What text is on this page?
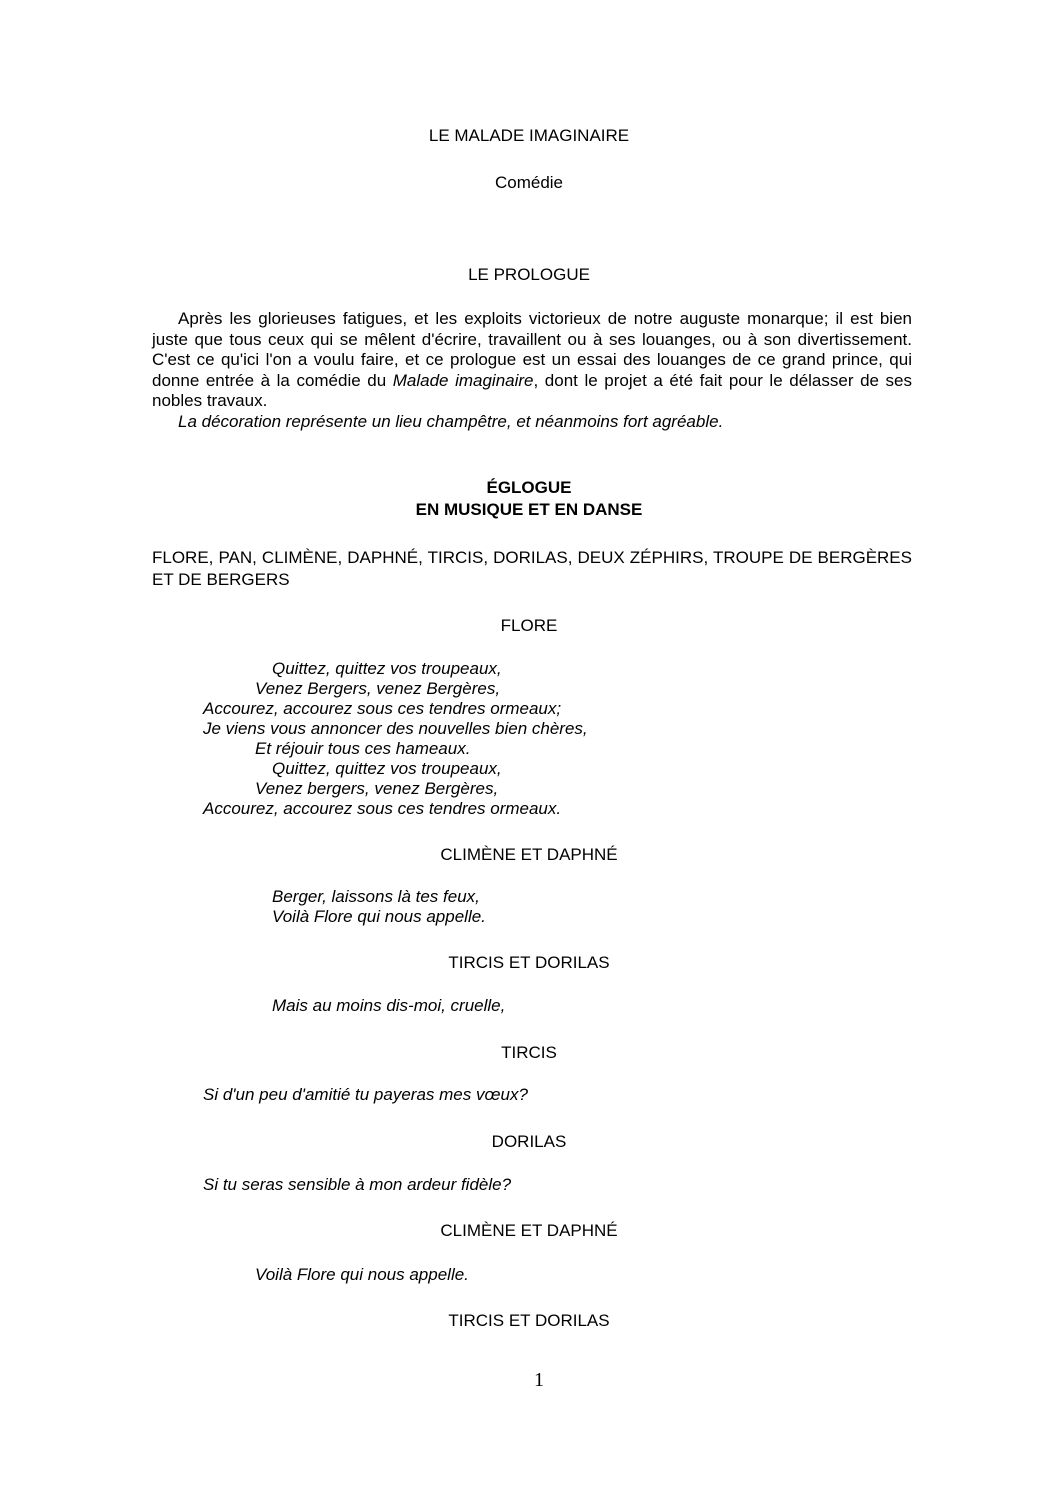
LE MALADE IMAGINAIRE
Comédie
LE PROLOGUE

Après les glorieuses fatigues, et les exploits victorieux de notre auguste monarque; il est bien juste que tous ceux qui se mêlent d'écrire, travaillent ou à ses louanges, ou à son divertissement. C'est ce qu'ici l'on a voulu faire, et ce prologue est un essai des louanges de ce grand prince, qui donne entrée à la comédie du Malade imaginaire, dont le projet a été fait pour le délasser de ses nobles travaux.

La décoration représente un lieu champêtre, et néanmoins fort agréable.

ÉGLOGUE
EN MUSIQUE ET EN DANSE
FLORE, PAN, CLIMÈNE, DAPHNÉ, TIRCIS, DORILAS, DEUX ZÉPHIRS, TROUPE DE BERGÈRES ET DE BERGERS
FLORE
Quittez, quittez vos troupeaux,
Venez Bergers, venez Bergères,
Accourez, accourez sous ces tendres ormeaux;
Je viens vous annoncer des nouvelles bien chères,
Et réjouir tous ces hameaux.
Quittez, quittez vos troupeaux,
Venez bergers, venez Bergères,
Accourez, accourez sous ces tendres ormeaux.
CLIMÈNE ET DAPHNÉ
Berger, laissons là tes feux,
Voilà Flore qui nous appelle.
TIRCIS ET DORILAS
Mais au moins dis-moi, cruelle,
TIRCIS
Si d'un peu d'amitié tu payeras mes vœux?
DORILAS
Si tu seras sensible à mon ardeur fidèle?
CLIMÈNE ET DAPHNÉ
Voilà Flore qui nous appelle.
TIRCIS ET DORILAS
1
